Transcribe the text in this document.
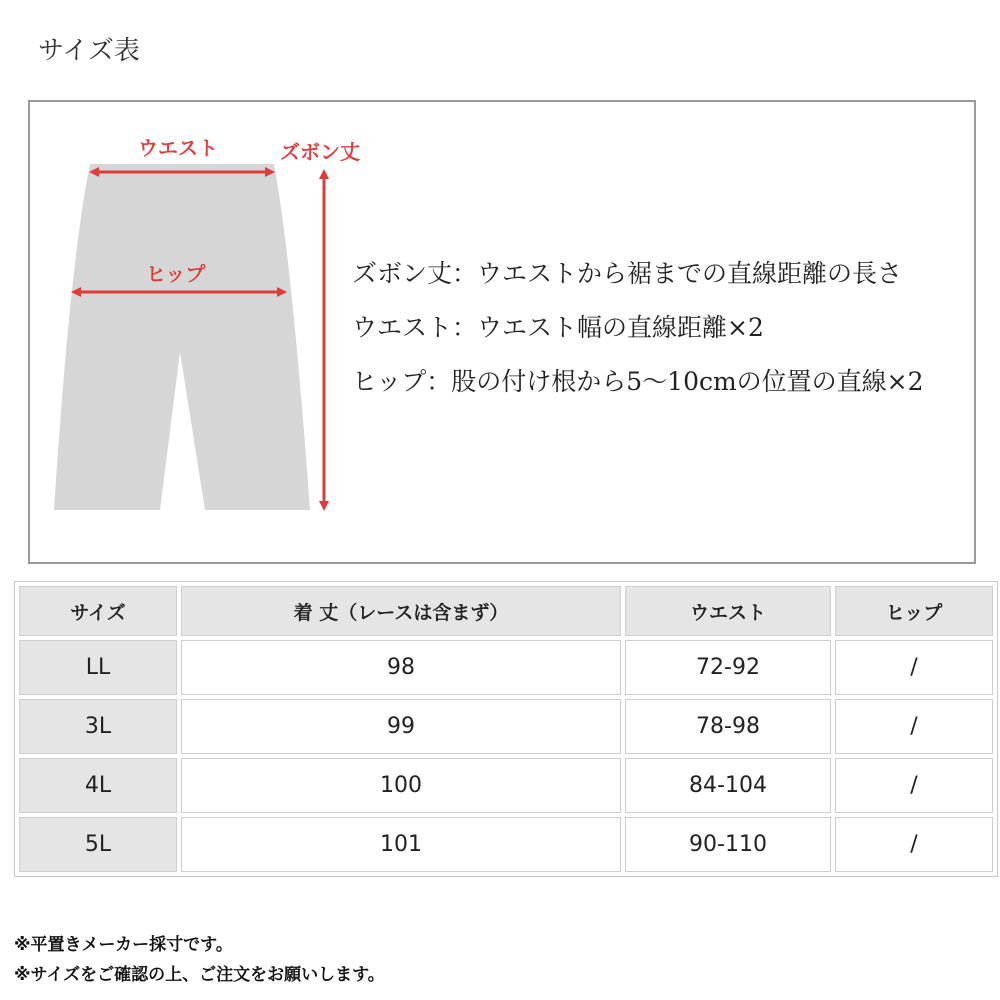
サイズ表
ウエスト
ヒップ
ズボン丈
ズボン丈：ウエストから裾までの直線距離の長さ
ウエスト：ウエスト幅の直線距離×2
ヒップ：股の付け根から5～10cmの位置の直線×2
サイズ	着 丈（レースは含まず）	ウエスト	ヒップ
LL	98	72-92	/
3L	99	78-98	/
4L	100	84-104	/
5L	101	90-110	/
※平置きメーカー採寸です。
※サイズをご確認の上、ご注文をお願いします。
